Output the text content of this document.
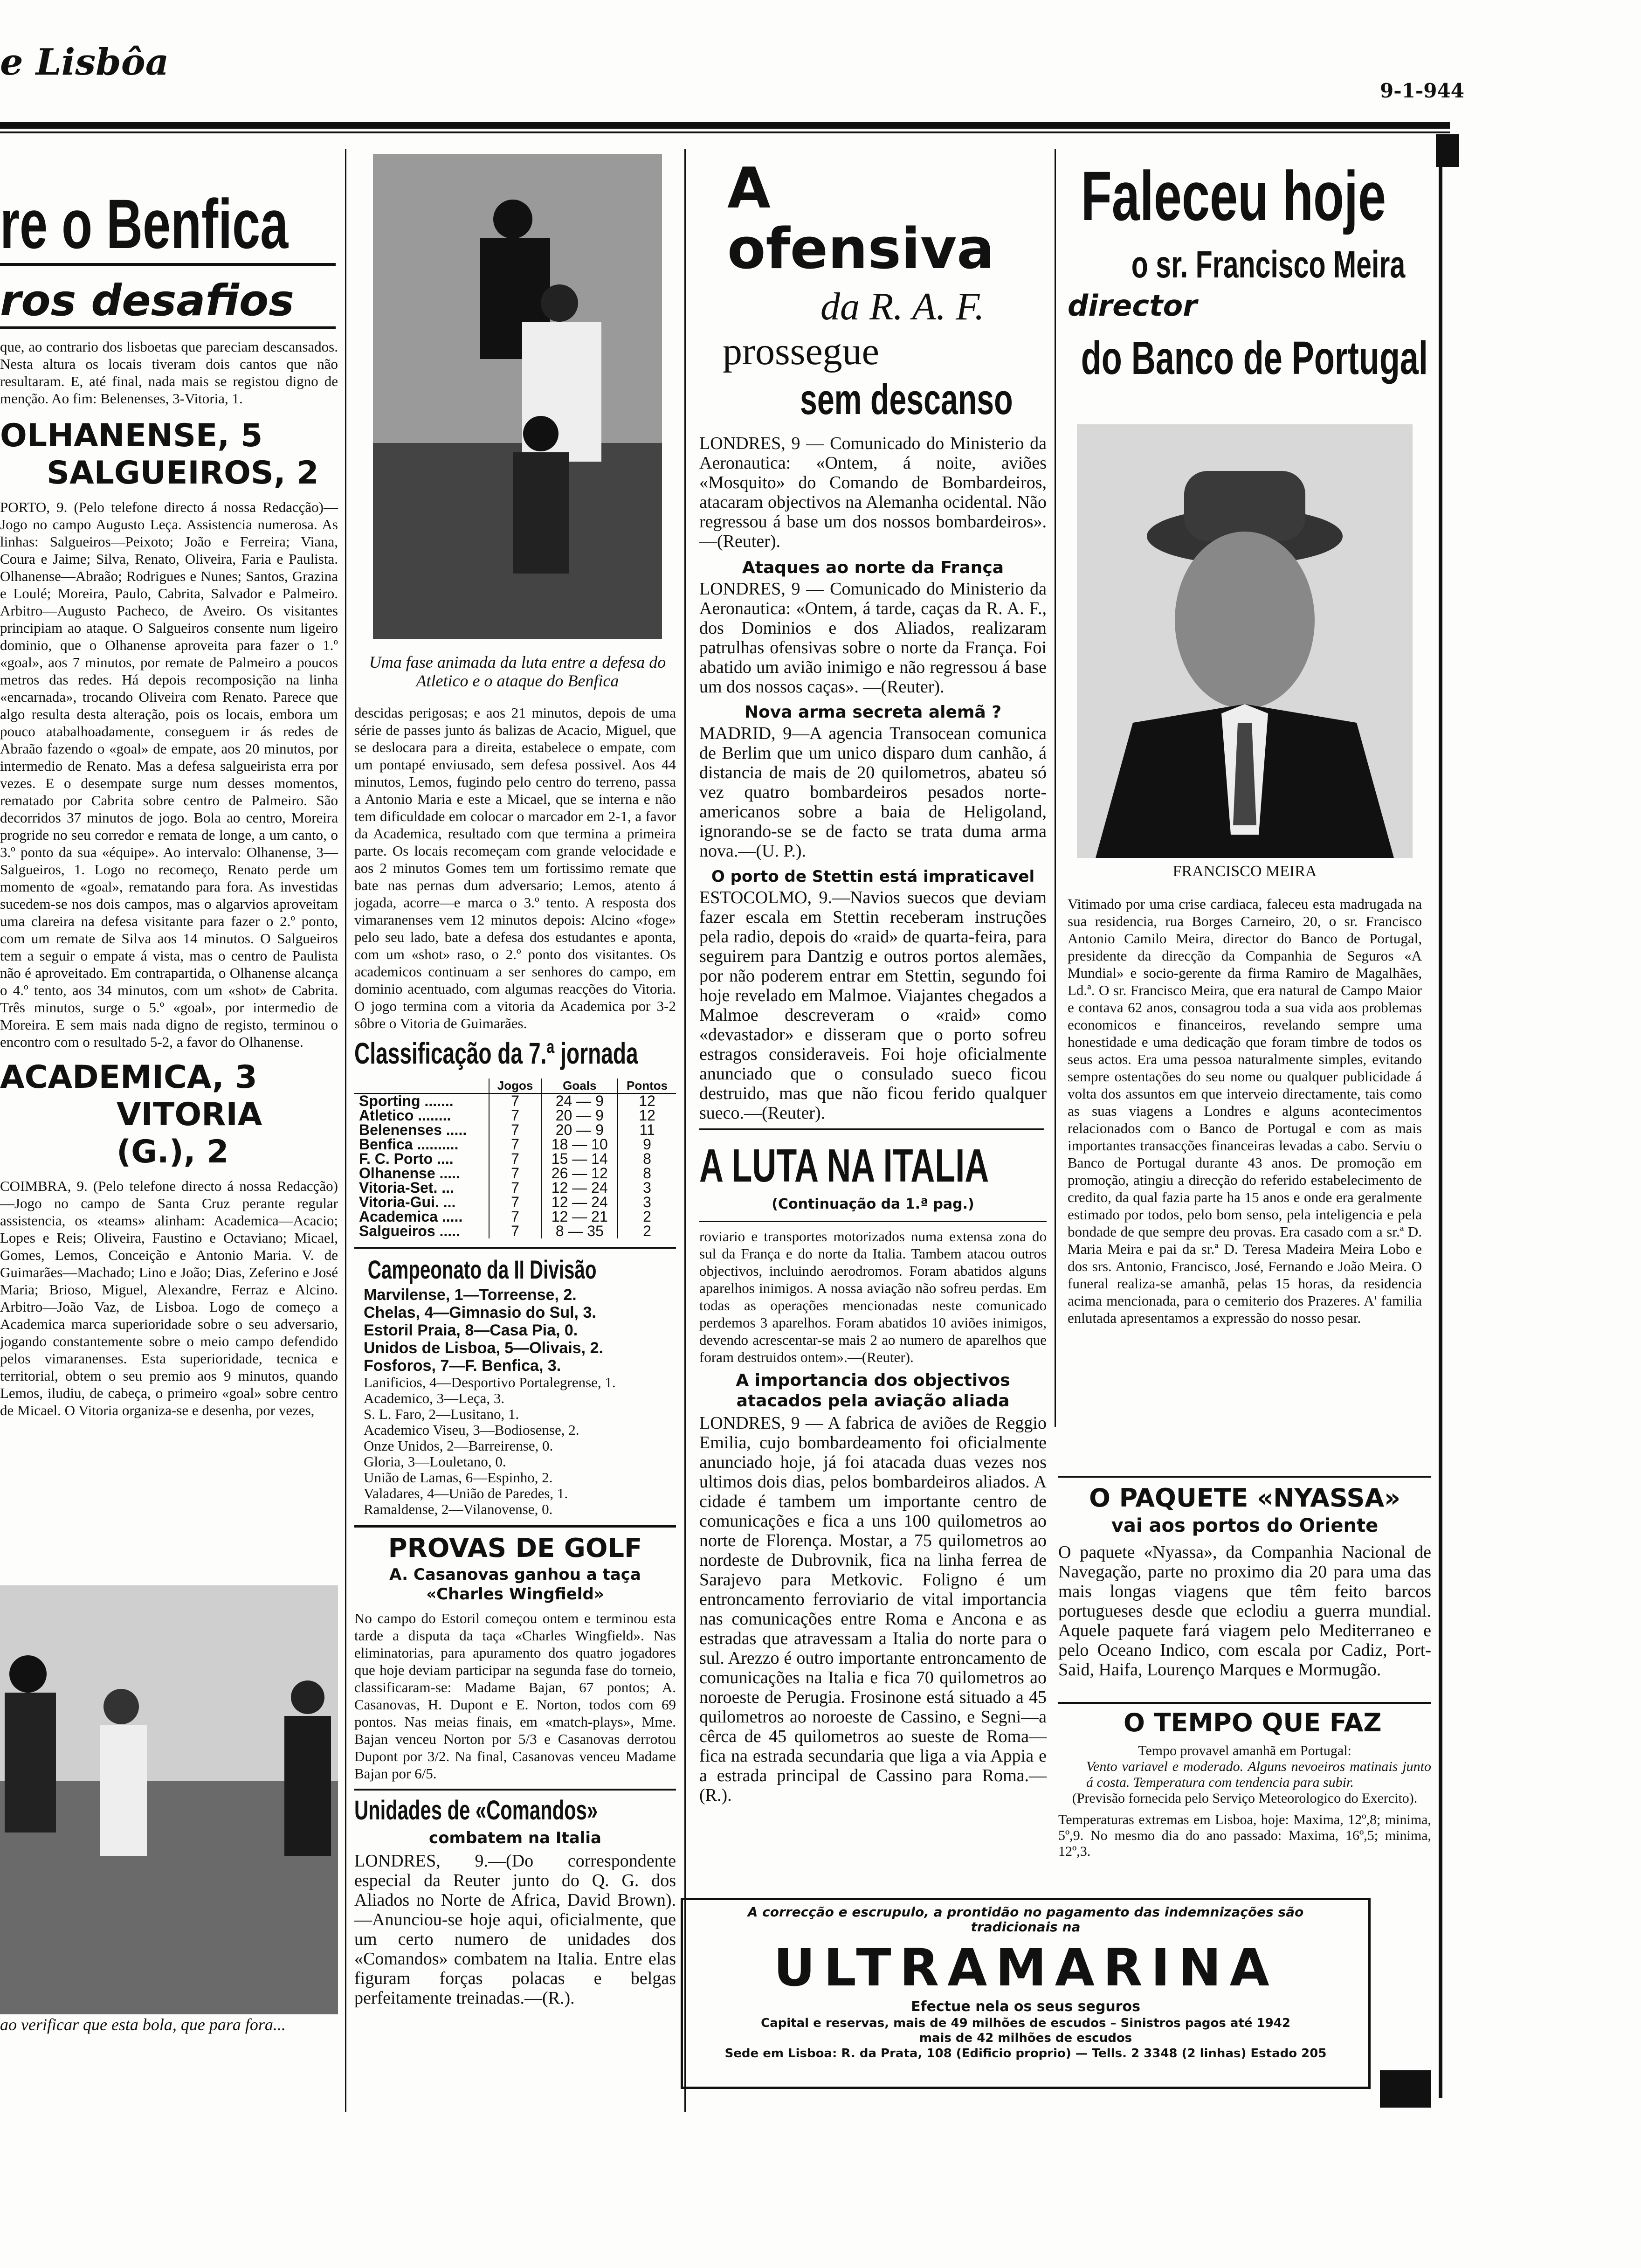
e Lisbôa
9-1-944
re o Benfica
ros desafios

que, ao contrario dos lisboetas que pareciam descansados. Nesta altura os locais tiveram dois cantos que não resultaram. E, até final, nada mais se registou digno de menção. Ao fim: Belenenses, 3-Vitoria, 1.

OLHANENSE, 5
SALGUEIROS, 2

PORTO, 9. (Pelo telefone directo á nossa Redacção)—Jogo no campo Augusto Leça. Assistencia numerosa. As linhas: Salgueiros—Peixoto; João e Ferreira; Viana, Coura e Jaime; Silva, Renato, Oliveira, Faria e Paulista. Olhanense—Abraão; Rodrigues e Nunes; Santos, Grazina e Loulé; Moreira, Paulo, Cabrita, Salvador e Palmeiro. Arbitro—Augusto Pacheco, de Aveiro. Os visitantes principiam ao ataque. O Salgueiros consente num ligeiro dominio, que o Olhanense aproveita para fazer o 1.º «goal», aos 7 minutos, por remate de Palmeiro a poucos metros das redes. Há depois recomposição na linha «encarnada», trocando Oliveira com Renato. Parece que algo resulta desta alteração, pois os locais, embora um pouco atabalhoadamente, conseguem ir ás redes de Abraão fazendo o «goal» de empate, aos 20 minutos, por intermedio de Renato. Mas a defesa salgueirista erra por vezes. E o desempate surge num desses momentos, rematado por Cabrita sobre centro de Palmeiro. São decorridos 37 minutos de jogo. Bola ao centro, Moreira progride no seu corredor e remata de longe, a um canto, o 3.º ponto da sua «équipe». Ao intervalo: Olhanense, 3—Salgueiros, 1. Logo no recomeço, Renato perde um momento de «goal», rematando para fora. As investidas sucedem-se nos dois campos, mas o algarvios aproveitam uma clareira na defesa visitante para fazer o 2.º ponto, com um remate de Silva aos 14 minutos. O Salgueiros tem a seguir o empate á vista, mas o centro de Paulista não é aproveitado. Em contrapartida, o Olhanense alcança o 4.º tento, aos 34 minutos, com um «shot» de Cabrita. Três minutos, surge o 5.º «goal», por intermedio de Moreira. E sem mais nada digno de registo, terminou o encontro com o resultado 5-2, a favor do Olhanense.

ACADEMICA, 3
VITORIA (G.), 2

COIMBRA, 9. (Pelo telefone directo á nossa Redacção)—Jogo no campo de Santa Cruz perante regular assistencia, os «teams» alinham: Academica—Acacio; Lopes e Reis; Oliveira, Faustino e Octaviano; Micael, Gomes, Lemos, Conceição e Antonio Maria. V. de Guimarães—Machado; Lino e João; Dias, Zeferino e José Maria; Brioso, Miguel, Alexandre, Ferraz e Alcino. Arbitro—João Vaz, de Lisboa. Logo de começo a Academica marca superioridade sobre o seu adversario, jogando constantemente sobre o meio campo defendido pelos vimaranenses. Esta superioridade, tecnica e territorial, obtem o seu premio aos 9 minutos, quando Lemos, iludiu, de cabeça, o primeiro «goal» sobre centro de Micael. O Vitoria organiza-se e desenha, por vezes,

ao verificar que esta bola, que para fora...
Uma fase animada da luta entre a defesa do Atletico e o ataque do Benfica

descidas perigosas; e aos 21 minutos, depois de uma série de passes junto ás balizas de Acacio, Miguel, que se deslocara para a direita, estabelece o empate, com um pontapé enviusado, sem defesa possivel. Aos 44 minutos, Lemos, fugindo pelo centro do terreno, passa a Antonio Maria e este a Micael, que se interna e não tem dificuldade em colocar o marcador em 2-1, a favor da Academica, resultado com que termina a primeira parte. Os locais recomeçam com grande velocidade e aos 2 minutos Gomes tem um fortissimo remate que bate nas pernas dum adversario; Lemos, atento á jogada, acorre—e marca o 3.º tento. A resposta dos vimaranenses vem 12 minutos depois: Alcino «foge» pelo seu lado, bate a defesa dos estudantes e aponta, com um «shot» raso, o 2.º ponto dos visitantes. Os academicos continuam a ser senhores do campo, em dominio acentuado, com algumas reacções do Vitoria. O jogo termina com a vitoria da Academica por 3-2 sôbre o Vitoria de Guimarães.

Classificação da 7.ª jornada
	Jogos	Goals	Pontos
Sporting .......	7	24 — 9	12
Atletico ........	7	20 — 9	12
Belenenses .....	7	20 — 9	11
Benfica ..........	7	18 — 10	9
F. C. Porto ....	7	15 — 14	8
Olhanense .....	7	26 — 12	8
Vitoria-Set. ...	7	12 — 24	3
Vitoria-Gui. ...	7	12 — 24	3
Academica .....	7	12 — 21	2
Salgueiros .....	7	8 — 35	2
Campeonato da II Divisão
Marvilense, 1—Torreense, 2.
Chelas, 4—Gimnasio do Sul, 3.
Estoril Praia, 8—Casa Pia, 0.
Unidos de Lisboa, 5—Olivais, 2.
Fosforos, 7—F. Benfica, 3.
Lanificios, 4—Desportivo Portalegrense, 1.
Academico, 3—Leça, 3.
S. L. Faro, 2—Lusitano, 1.
Academico Viseu, 3—Bodiosense, 2.
Onze Unidos, 2—Barreirense, 0.
Gloria, 3—Louletano, 0.
União de Lamas, 6—Espinho, 2.
Valadares, 4—União de Paredes, 1.
Ramaldense, 2—Vilanovense, 0.
PROVAS DE GOLF
A. Casanovas ganhou a taça «Charles Wingfield»

No campo do Estoril começou ontem e terminou esta tarde a disputa da taça «Charles Wingfield». Nas eliminatorias, para apuramento dos quatro jogadores que hoje deviam participar na segunda fase do torneio, classificaram-se: Madame Bajan, 67 pontos; A. Casanovas, H. Dupont e E. Norton, todos com 69 pontos. Nas meias finais, em «match-plays», Mme. Bajan venceu Norton por 5/3 e Casanovas derrotou Dupont por 3/2. Na final, Casanovas venceu Madame Bajan por 6/5.

Unidades de «Comandos»
combatem na Italia

LONDRES, 9.—(Do correspondente especial da Reuter junto do Q. G. dos Aliados no Norte de Africa, David Brown).—Anunciou-se hoje aqui, oficialmente, que um certo numero de unidades dos «Comandos» combatem na Italia. Entre elas figuram forças polacas e belgas perfeitamente treinadas.—(R.).

A ofensiva
da R. A. F.
prossegue
sem descanso

LONDRES, 9 — Comunicado do Ministerio da Aeronautica: «Ontem, á noite, aviões «Mosquito» do Comando de Bombardeiros, atacaram objectivos na Alemanha ocidental. Não regressou á base um dos nossos bombardeiros».—(Reuter).

Ataques ao norte da França

LONDRES, 9 — Comunicado do Ministerio da Aeronautica: «Ontem, á tarde, caças da R. A. F., dos Dominios e dos Aliados, realizaram patrulhas ofensivas sobre o norte da França. Foi abatido um avião inimigo e não regressou á base um dos nossos caças». —(Reuter).

Nova arma secreta alemã ?

MADRID, 9—A agencia Transocean comunica de Berlim que um unico disparo dum canhão, á distancia de mais de 20 quilometros, abateu só vez quatro bombardeiros pesados norte-americanos sobre a baia de Heligoland, ignorando-se se de facto se trata duma arma nova.—(U. P.).

O porto de Stettin está impraticavel

ESTOCOLMO, 9.—Navios suecos que deviam fazer escala em Stettin receberam instruções pela radio, depois do «raid» de quarta-feira, para seguirem para Dantzig e outros portos alemães, por não poderem entrar em Stettin, segundo foi hoje revelado em Malmoe. Viajantes chegados a Malmoe descreveram o «raid» como «devastador» e disseram que o porto sofreu estragos consideraveis. Foi hoje oficialmente anunciado que o consulado sueco ficou destruido, mas que não ficou ferido qualquer sueco.—(Reuter).

A LUTA NA ITALIA
(Continuação da 1.ª pag.)

roviario e transportes motorizados numa extensa zona do sul da França e do norte da Italia. Tambem atacou outros objectivos, incluindo aerodromos. Foram abatidos alguns aparelhos inimigos. A nossa aviação não sofreu perdas. Em todas as operações mencionadas neste comunicado perdemos 3 aparelhos. Foram abatidos 10 aviões inimigos, devendo acrescentar-se mais 2 ao numero de aparelhos que foram destruidos ontem».—(Reuter).

A importancia dos objectivos atacados pela aviação aliada

LONDRES, 9 — A fabrica de aviões de Reggio Emilia, cujo bombardeamento foi oficialmente anunciado hoje, já foi atacada duas vezes nos ultimos dois dias, pelos bombardeiros aliados. A cidade é tambem um importante centro de comunicações e fica a uns 100 quilometros ao norte de Florença. Mostar, a 75 quilometros ao nordeste de Dubrovnik, fica na linha ferrea de Sarajevo para Metkovic. Foligno é um entroncamento ferroviario de vital importancia nas comunicações entre Roma e Ancona e as estradas que atravessam a Italia do norte para o sul. Arezzo é outro importante entroncamento de comunicações na Italia e fica 70 quilometros ao noroeste de Perugia. Frosinone está situado a 45 quilometros ao noroeste de Cassino, e Segni—a cêrca de 45 quilometros ao sueste de Roma—fica na estrada secundaria que liga a via Appia e a estrada principal de Cassino para Roma.—(R.).

Faleceu hoje
o sr. Francisco Meira
director
do Banco de Portugal
FRANCISCO MEIRA

Vitimado por uma crise cardiaca, faleceu esta madrugada na sua residencia, rua Borges Carneiro, 20, o sr. Francisco Antonio Camilo Meira, director do Banco de Portugal, presidente da direcção da Companhia de Seguros «A Mundial» e socio-gerente da firma Ramiro de Magalhães, Ld.ª. O sr. Francisco Meira, que era natural de Campo Maior e contava 62 anos, consagrou toda a sua vida aos problemas economicos e financeiros, revelando sempre uma honestidade e uma dedicação que foram timbre de todos os seus actos. Era uma pessoa naturalmente simples, evitando sempre ostentações do seu nome ou qualquer publicidade á volta dos assuntos em que interveio directamente, tais como as suas viagens a Londres e alguns acontecimentos relacionados com o Banco de Portugal e com as mais importantes transacções financeiras levadas a cabo. Serviu o Banco de Portugal durante 43 anos. De promoção em promoção, atingiu a direcção do referido estabelecimento de credito, da qual fazia parte ha 15 anos e onde era geralmente estimado por todos, pelo bom senso, pela inteligencia e pela bondade de que sempre deu provas. Era casado com a sr.ª D. Maria Meira e pai da sr.ª D. Teresa Madeira Meira Lobo e dos srs. Antonio, Francisco, José, Fernando e João Meira. O funeral realiza-se amanhã, pelas 15 horas, da residencia acima mencionada, para o cemiterio dos Prazeres. A' familia enlutada apresentamos a expressão do nosso pesar.

O PAQUETE «NYASSA»
vai aos portos do Oriente

O paquete «Nyassa», da Companhia Nacional de Navegação, parte no proximo dia 20 para uma das mais longas viagens que têm feito barcos portugueses desde que eclodiu a guerra mundial. Aquele paquete fará viagem pelo Mediterraneo e pelo Oceano Indico, com escala por Cadiz, Port-Said, Haifa, Lourenço Marques e Mormugão.

O TEMPO QUE FAZ

Tempo provavel amanhã em Portugal:

Vento variavel e moderado. Alguns nevoeiros matinais junto á costa. Temperatura com tendencia para subir.

(Previsão fornecida pelo Serviço Meteorologico do Exercito).

Temperaturas extremas em Lisboa, hoje: Maxima, 12º,8; minima, 5º,9. No mesmo dia do ano passado: Maxima, 16º,5; minima, 12º,3.

A correcção e escrupulo, a prontidão no pagamento das indemnizações são tradicionais na
ULTRAMARINA
Efectue nela os seus seguros
Capital e reservas, mais de 49 milhões de escudos – Sinistros pagos até 1942
mais de 42 milhões de escudos
Sede em Lisboa: R. da Prata, 108 (Edificio proprio) — Tells. 2 3348 (2 linhas) Estado 205
